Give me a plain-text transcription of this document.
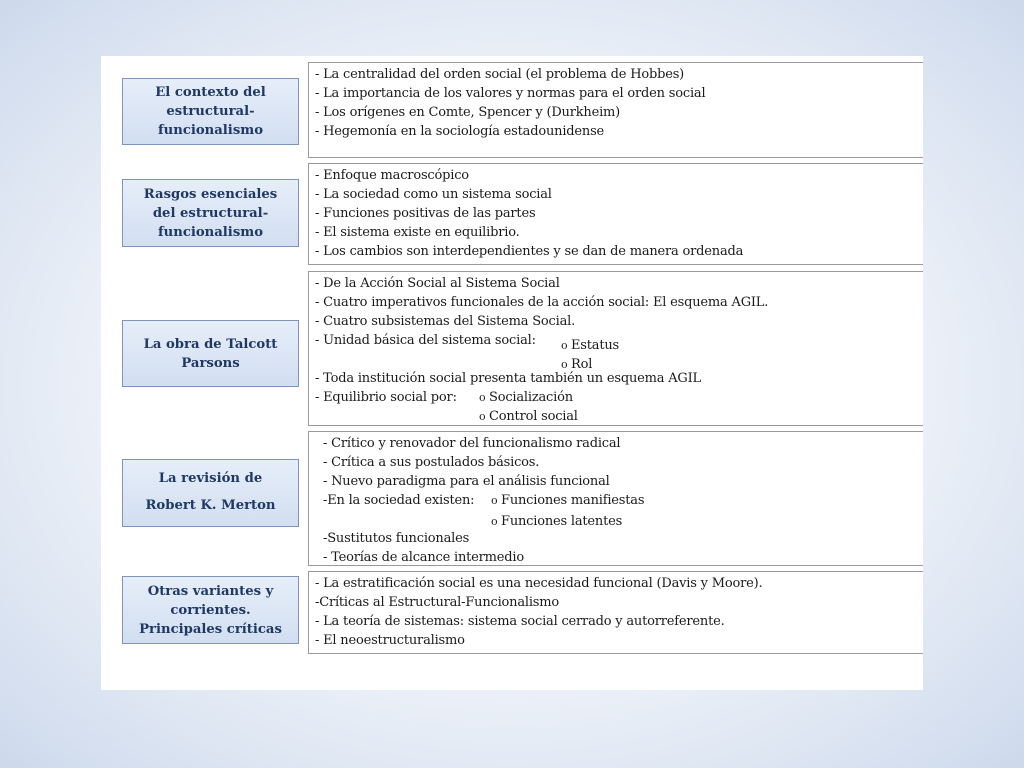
El contexto del
estructural-
funcionalismo
- La centralidad del orden social (el problema de Hobbes)
- La importancia de los valores y normas para el orden social
- Los orígenes en Comte, Spencer y (Durkheim)
- Hegemonía en la sociología estadounidense
Rasgos esenciales
del estructural-
funcionalismo
- Enfoque macroscópico
- La sociedad como un sistema social
- Funciones positivas de las partes
- El sistema existe en equilibrio.
- Los cambios son interdependientes y se dan de manera ordenada
La obra de Talcott
Parsons
- De la Acción Social al Sistema Social
- Cuatro imperativos funcionales de la acción social: El esquema AGIL.
- Cuatro subsistemas del Sistema Social.
- Unidad básica del sistema social: o Estatus
o Rol
- Toda institución social presenta también un esquema AGIL
- Equilibrio social por: o Socialización
o Control social
La revisión de
Robert K. Merton
- Crítico y renovador del funcionalismo radical
- Crítica a sus postulados básicos.
- Nuevo paradigma para el análisis funcional
-En la sociedad existen: o Funciones manifiestas
o Funciones latentes
-Sustitutos funcionales
- Teorías de alcance intermedio
Otras variantes y
corrientes.
Principales críticas
- La estratificación social es una necesidad funcional (Davis y Moore).
-Críticas al Estructural-Funcionalismo
- La teoría de sistemas: sistema social cerrado y autorreferente.
- El neoestructuralismo
